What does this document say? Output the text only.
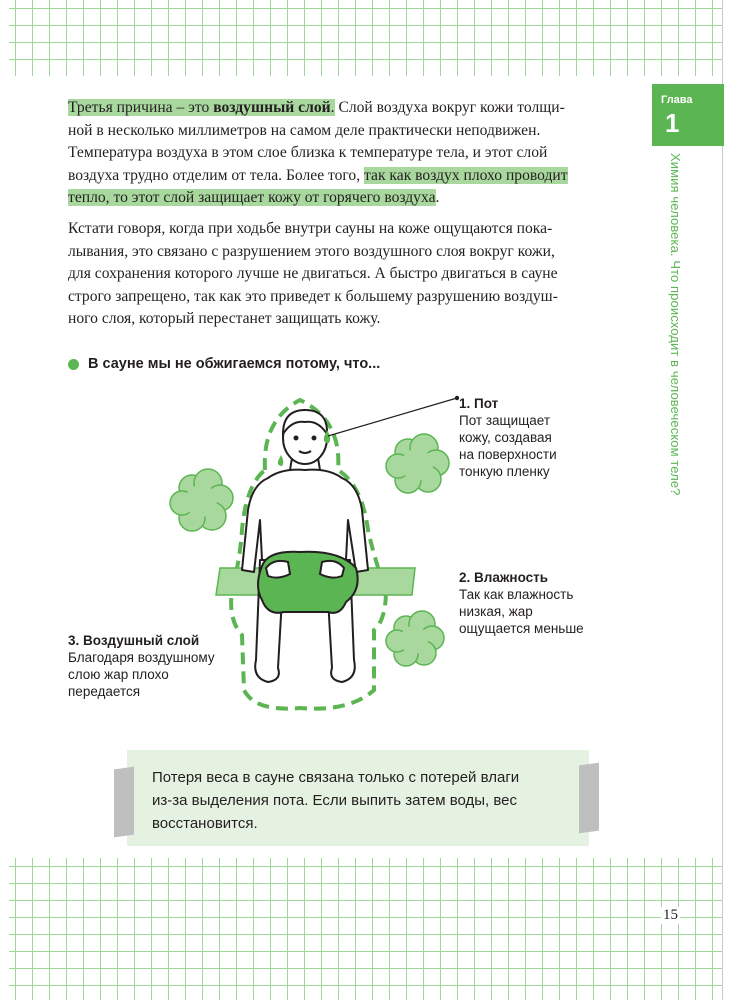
Глава
1
Химия человека. Что происходит в человеческом теле?

Третья причина – это воздушный слой. Слой воздуха вокруг кожи толщи-
ной в несколько миллиметров на самом деле практически неподвижен.
Температура воздуха в этом слое близка к температуре тела, и этот слой
воздуха трудно отделим от тела. Более того, так как воздух плохо проводит
тепло, то этот слой защищает кожу от горячего воздуха.

Кстати говоря, когда при ходьбе внутри сауны на коже ощущаются пока-
лывания, это связано с разрушением этого воздушного слоя вокруг кожи,
для сохранения которого лучше не двигаться. А быстро двигаться в сауне
строго запрещено, так как это приведет к большему разрушению воздуш-
ного слоя, который перестанет защищать кожу.

В сауне мы не обжигаемся потому, что...
1. Пот
Пот защищает
кожу, создавая
на поверхности
тонкую пленку
2. Влажность
Так как влажность
низкая, жар
ощущается меньше
3. Воздушный слой
Благодаря воздушному
слою жар плохо
передается
Потеря веса в сауне связана только с потерей влаги
из-за выделения пота. Если выпить затем воды, вес
восстановится.
15
